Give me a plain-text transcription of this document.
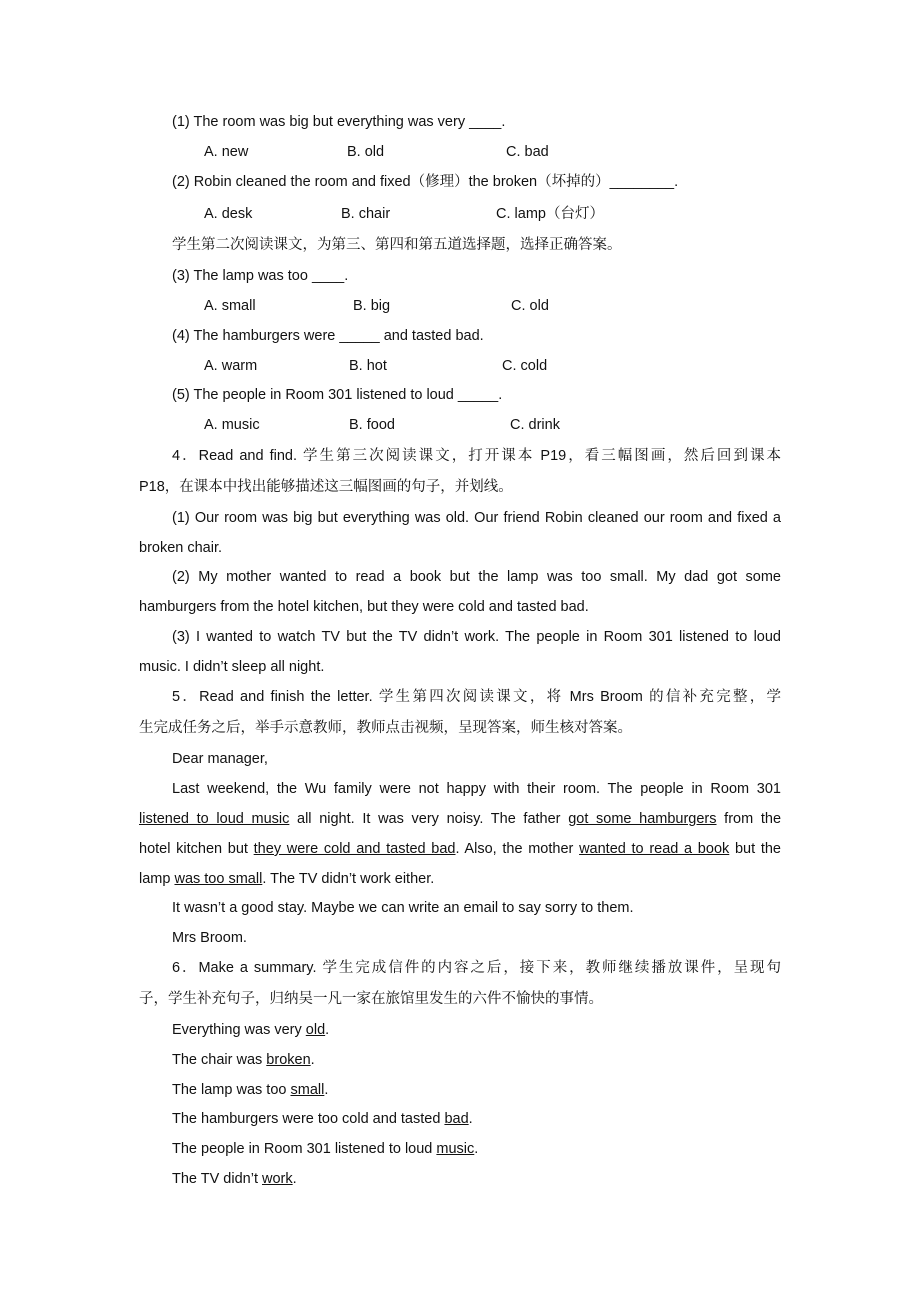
(1) The room was big but everything was very ____.
A. new	B. old	C. bad
(2) Robin cleaned the room and fixed（修理）the broken（坏掉的）________.
A. desk	B. chair	C. lamp（台灯）
学生第二次阅读课文，为第三、第四和第五道选择题，选择正确答案。
(3) The lamp was too ____.
A. small	B. big	C. old
(4) The hamburgers were _____ and tasted bad.
A. warm	B. hot	C. cold
(5) The people in Room 301 listened to loud _____.
A. music	B. food	C. drink
4．Read and find. 学生第三次阅读课文，打开课本 P19，看三幅图画，然后回到课本
P18，在课本中找出能够描述这三幅图画的句子，并划线。
(1) Our room was big but everything was old. Our friend Robin cleaned our room and fixed a
broken chair.
(2) My mother wanted to read a book but the lamp was too small. My dad got some
hamburgers from the hotel kitchen, but they were cold and tasted bad.
(3) I wanted to watch TV but the TV didn’t work. The people in Room 301 listened to loud
music. I didn’t sleep all night.
5．Read and finish the letter. 学生第四次阅读课文，将 Mrs Broom 的信补充完整，学
生完成任务之后，举手示意教师，教师点击视频，呈现答案，师生核对答案。
Dear manager,
Last weekend, the Wu family were not happy with their room. The people in Room 301
listened to loud music all night. It was very noisy. The father got some hamburgers from the
hotel kitchen but they were cold and tasted bad. Also, the mother wanted to read a book but the
lamp was too small. The TV didn’t work either.
It wasn’t a good stay. Maybe we can write an email to say sorry to them.
Mrs Broom.
6．Make a summary. 学生完成信件的内容之后，接下来，教师继续播放课件，呈现句
子，学生补充句子，归纳吴一凡一家在旅馆里发生的六件不愉快的事情。
Everything was very old.
The chair was broken.
The lamp was too small.
The hamburgers were too cold and tasted bad.
The people in Room 301 listened to loud music.
The TV didn’t work.
